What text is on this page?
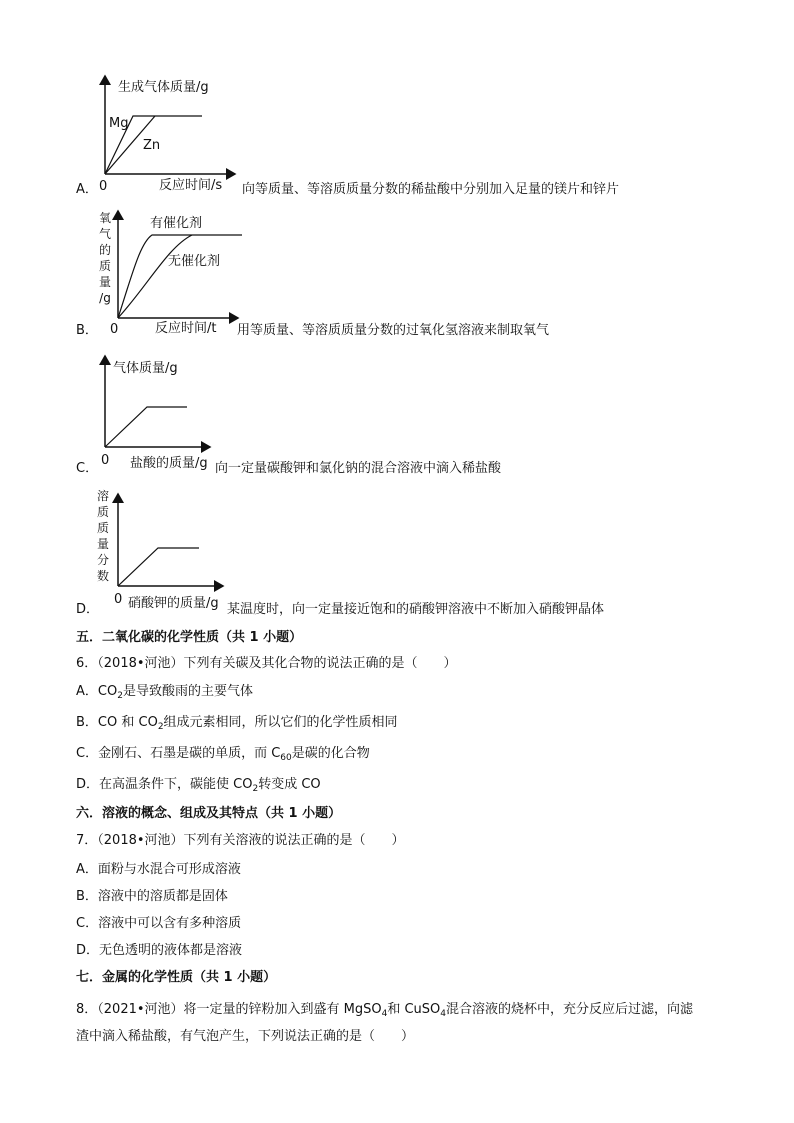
A．
生成气体质量/g
Mg
Zn
0	反应时间/s 向等质量、等溶质质量分数的稀盐酸中分别加入足量的镁片和锌片
B．
氧
气
的
质
量
/g
有催化剂
无催化剂
0	反应时间/t 用等质量、等溶质质量分数的过氧化氢溶液来制取氧气
C．
气体质量/g
0 盐酸的质量/g 向一定量碳酸钾和氯化钠的混合溶液中滴入稀盐酸
D．
溶
质
质
量
分
数
0 硝酸钾的质量/g 某温度时，向一定量接近饱和的硝酸钾溶液中不断加入硝酸钾晶体
五．二氧化碳的化学性质（共 1 小题）
6．（2018•河池）下列有关碳及其化合物的说法正确的是（　　）
A．$CO_2$是导致酸雨的主要气体
B．CO 和 $CO_2$组成元素相同，所以它们的化学性质相同
C．金刚石、石墨是碳的单质，而 $C_{60}$是碳的化合物
D．在高温条件下，碳能使 $CO_2$转变成 CO
六．溶液的概念、组成及其特点（共 1 小题）
7．（2018•河池）下列有关溶液的说法正确的是（　　）
A．面粉与水混合可形成溶液
B．溶液中的溶质都是固体
C．溶液中可以含有多种溶质
D．无色透明的液体都是溶液
七．金属的化学性质（共 1 小题）
8．（2021•河池）将一定量的锌粉加入到盛有 MgSO$_4$和 CuSO$_4$混合溶液的烧杯中，充分反应后过滤，向滤
渣中滴入稀盐酸，有气泡产生，下列说法正确的是（　　）
